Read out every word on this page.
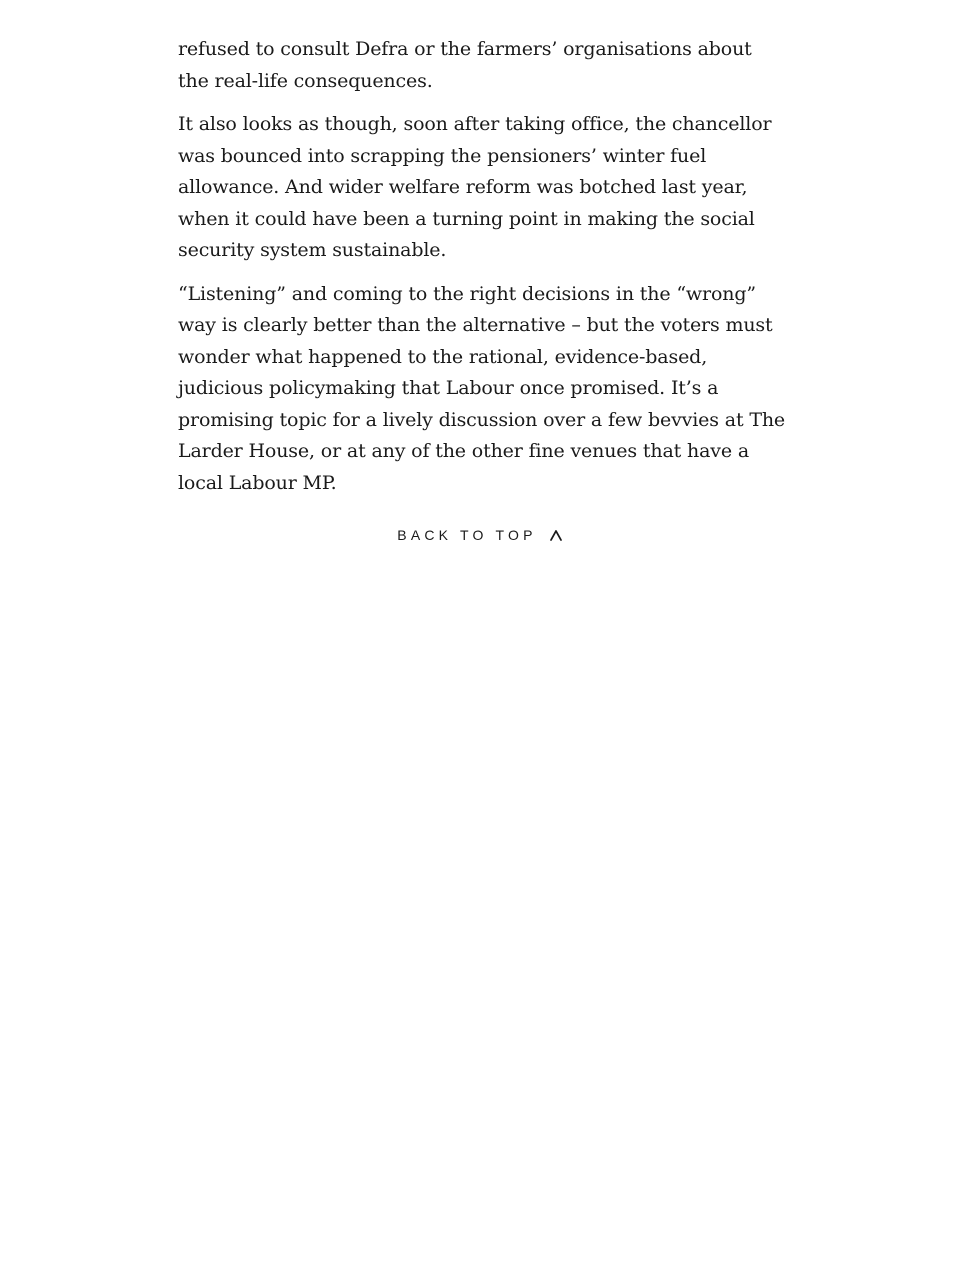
refused to consult Defra or the farmers’ organisations about the real-life consequences.

It also looks as though, soon after taking office, the chancellor was bounced into scrapping the pensioners’ winter fuel allowance. And wider welfare reform was botched last year, when it could have been a turning point in making the social security system sustainable.

“Listening” and coming to the right decisions in the “wrong” way is clearly better than the alternative – but the voters must wonder what happened to the rational, evidence-based, judicious policymaking that Labour once promised. It’s a promising topic for a lively discussion over a few bevvies at The Larder House, or at any of the other fine venues that have a local Labour MP.

BACK TO TOP
